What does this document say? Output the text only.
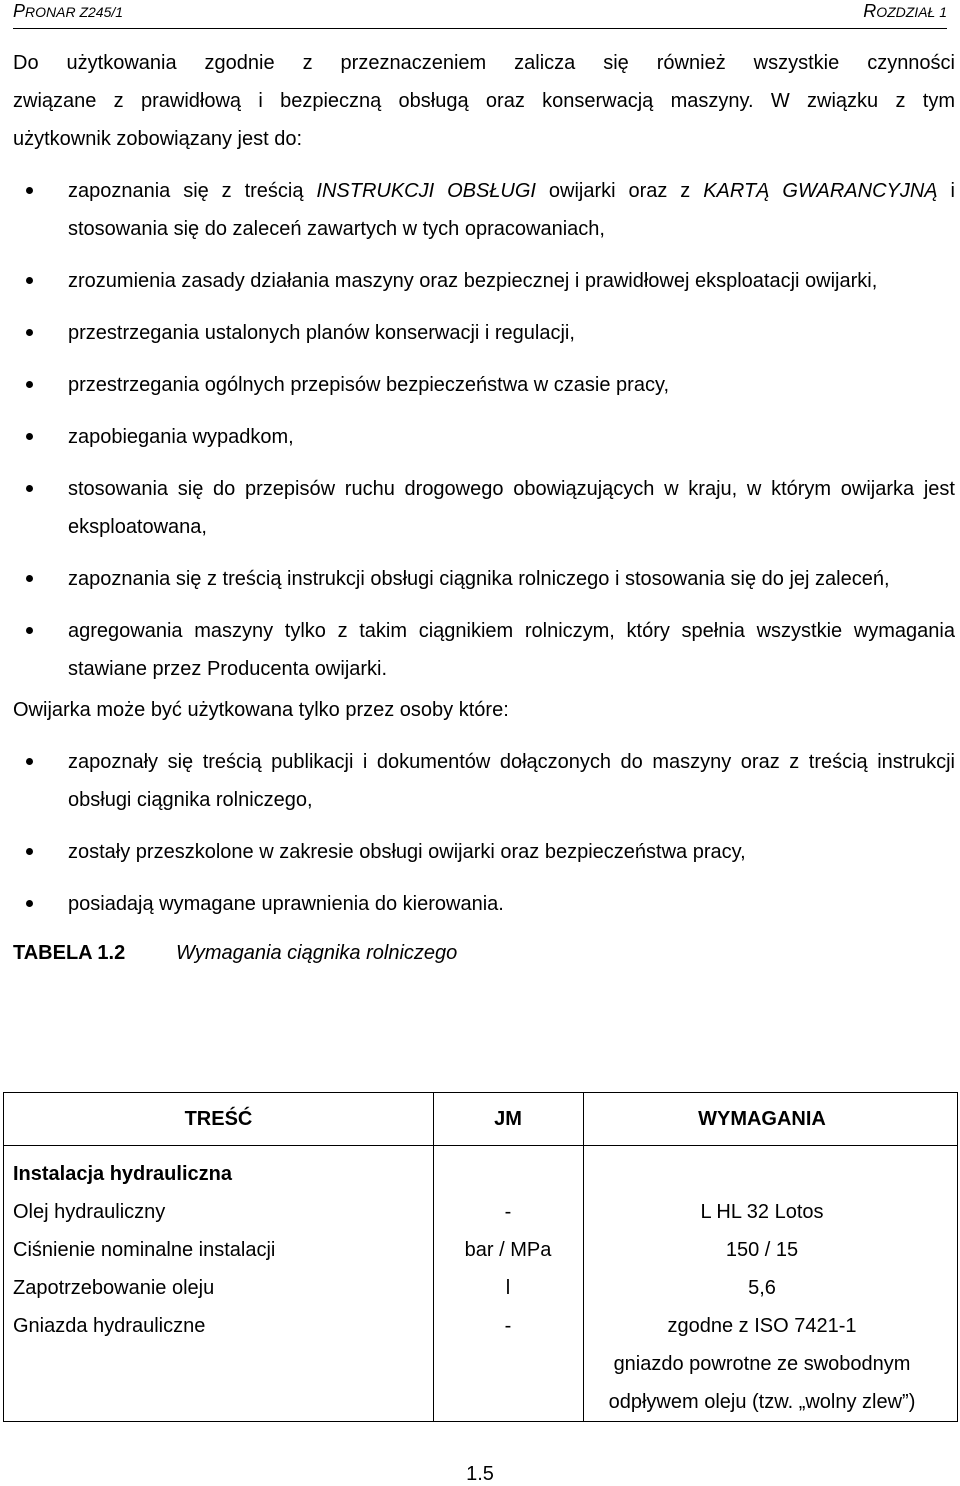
PRONAR Z245/1	ROZDZIAŁ 1
Do użytkowania zgodnie z przeznaczeniem zalicza się również wszystkie czynności
związane z prawidłową i bezpieczną obsługą oraz konserwacją maszyny. W związku z tym
użytkownik zobowiązany jest do:
zapoznania się z treścią INSTRUKCJI OBSŁUGI owijarki oraz z KARTĄ GWARANCYJNĄ i stosowania się do zaleceń zawartych w tych opracowaniach,
zrozumienia zasady działania maszyny oraz bezpiecznej i prawidłowej eksploatacji owijarki,
przestrzegania ustalonych planów konserwacji i regulacji,
przestrzegania ogólnych przepisów bezpieczeństwa w czasie pracy,
zapobiegania wypadkom,
stosowania się do przepisów ruchu drogowego obowiązujących w kraju, w którym owijarka jest eksploatowana,
zapoznania się z treścią instrukcji obsługi ciągnika rolniczego i stosowania się do jej zaleceń,
agregowania maszyny tylko z takim ciągnikiem rolniczym, który spełnia wszystkie wymagania stawiane przez Producenta owijarki.
Owijarka może być użytkowana tylko przez osoby które:
zapoznały się treścią publikacji i dokumentów dołączonych do maszyny oraz z treścią instrukcji obsługi ciągnika rolniczego,
zostały przeszkolone w zakresie obsługi owijarki oraz bezpieczeństwa pracy,
posiadają wymagane uprawnienia do kierowania.
TABELA 1.2	Wymagania ciągnika rolniczego
TREŚĆ	JM	WYMAGANIA
Instalacja hydrauliczna
Olej hydrauliczny	-	L HL 32 Lotos
Ciśnienie nominalne instalacji	bar / MPa	150 / 15
Zapotrzebowanie oleju	l	5,6
Gniazda hydrauliczne	-	zgodne z ISO 7421-1
gniazdo powrotne ze swobodnym
odpływem oleju (tzw. „wolny zlew”)
1.5
